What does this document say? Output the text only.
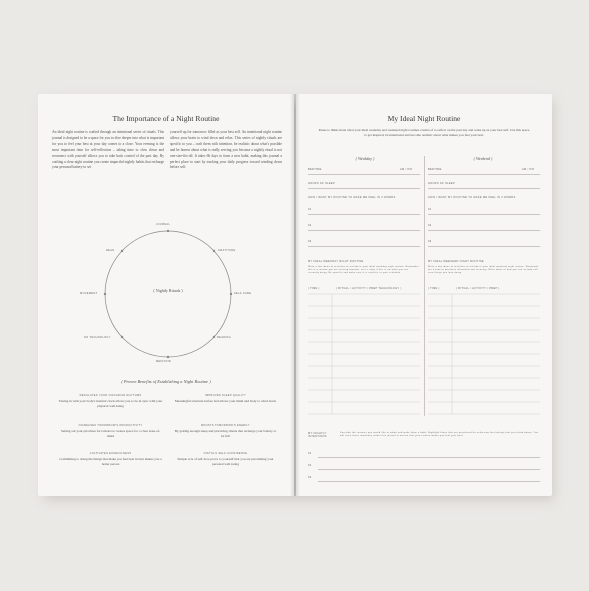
The Importance of a Night Routine
An ideal night routine is crafted through an intentional series of rituals. This journal is designed to be a space for you to dive deeper into what is important for you to feel your best at your day comes to a close. Your evening is the most important time for self-reflection – taking time to slow down and reconnect with yourself allows you to take back control of the past day. By crafting a clear night routine you create impactful nightly habits that recharge your personal battery to set
yourself up for tomorrow filled as your best self. An intentional night routine allows your brain to wind down and relax. This series of nightly rituals are specific to you – craft them with intention, be realistic about what's possible and be honest about what is really serving you because a nightly ritual is not one-size-fits-all. It takes 66 days to form a new habit, making this journal a perfect place to start by tracking your daily progress toward winding down before self.
( Nightly Rituals )
JOURNAL
GRATITUDE
SELF-CARE
READING
MEDITATE
NO TECHNOLOGY
MOVEMENT
READ
( Proven Benefits of Establishing a Night Routine )
REGULATES YOUR CIRCADIAN RHYTHMS
Tuning in with your body's internal clock allows you to be in sync with your physical well-being
IMPROVES SLEEP QUALITY
Meaningful structure before bed allows your mind and body to wind down
INCREASES TOMORROW'S PRODUCTIVITY
Setting out your priorities for tomorrow creates space for a clear state-of-mind
BOOSTS TOMORROW'S ENERGY
By getting enough sleep and practicing rituals that recharge your battery to be full
CULTIVATES EASEFULNESS
Committing to doing the things that make you feel best in turn makes you a better person
INSTILLS SELF-CONFIDENCE
Simple acts of self-love prove to yourself that you are prioritizing your personal well-being
My Ideal Night Routine
Pause to think about what your ideal weekday and weekend night routines consist of to reflect on the past day and wake up as your best self. Use this space to get inspired, be intentional and become realistic about what makes you feel your best.
( Weekday )	( Weekend )
BEDTIME	AM / PM
HOURS OF SLEEP
HOW I WANT MY ROUTINE TO MAKE ME FEEL IN 3 WORDS
01
02
03
MY IDEAL WEEKDAY NIGHT ROUTINE
Write a few ideas of activities to include in your ideal weekday night routine. Remember this is a routine you are striving towards, so it's okay if this is not what you are currently doing. Be specific and make sure it is realistic to your schedule.
( TIME )	( RITUAL / ACTIVITY / PREP TECHNOLOGY )
BEDTIME	AM / PM
HOURS OF SLEEP
HOW I WANT MY ROUTINE TO MAKE ME FEEL IN 3 WORDS
01
02
03
MY IDEAL WEEKEND NIGHT ROUTINE
Write a few ideas of activities to include in your ideal weekend night routine. Weekends are a time to prioritize relaxation and recovery. Write ideas of how you can include self care things you love doing.
( TIME )	( RITUAL / ACTIVITY / PREP )
MY NIGHTLY INTENTIONS
Describe the routines you would like to adopt and make them a habit. Highlight those that are prioritized for achieving the feelings that you listed above. You will track these intentions within this journal to ensure that your routine makes you feel your best.
01
02
03
